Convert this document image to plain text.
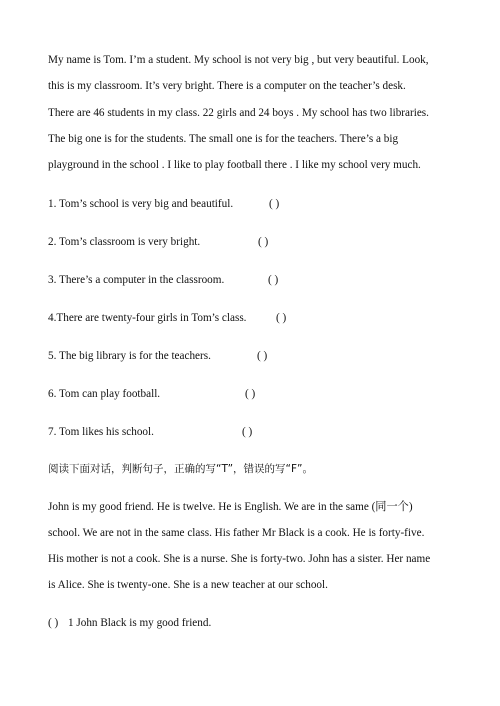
My name is Tom. I’m a student. My school is not very big , but very beautiful. Look,
this is my classroom. It’s very bright. There is a computer on the teacher’s desk.
There are 46 students in my class. 22 girls and 24 boys . My school has two libraries.
The big one is for the students. The small one is for the teachers. There’s a big
playground in the school . I like to play football there . I like my school very much.
1. Tom’s school is very big and beautiful.	( )
2. Tom’s classroom is very bright.	( )
3. There’s a computer in the classroom.	( )
4.There are twenty-four girls in Tom’s class.	( )
5. The big library is for the teachers.	( )
6. Tom can play football.	( )
7. Tom likes his school.	( )
阅读下面对话，判断句子，正确的写“T”，错误的写“F”。
John is my good friend. He is twelve. He is English. We are in the same (同一个)
school. We are not in the same class. His father Mr Black is a cook. He is forty-five.
His mother is not a cook. She is a nurse. She is forty-two. John has a sister. Her name
is Alice. She is twenty-one. She is a new teacher at our school.
( ) 1 John Black is my good friend.
